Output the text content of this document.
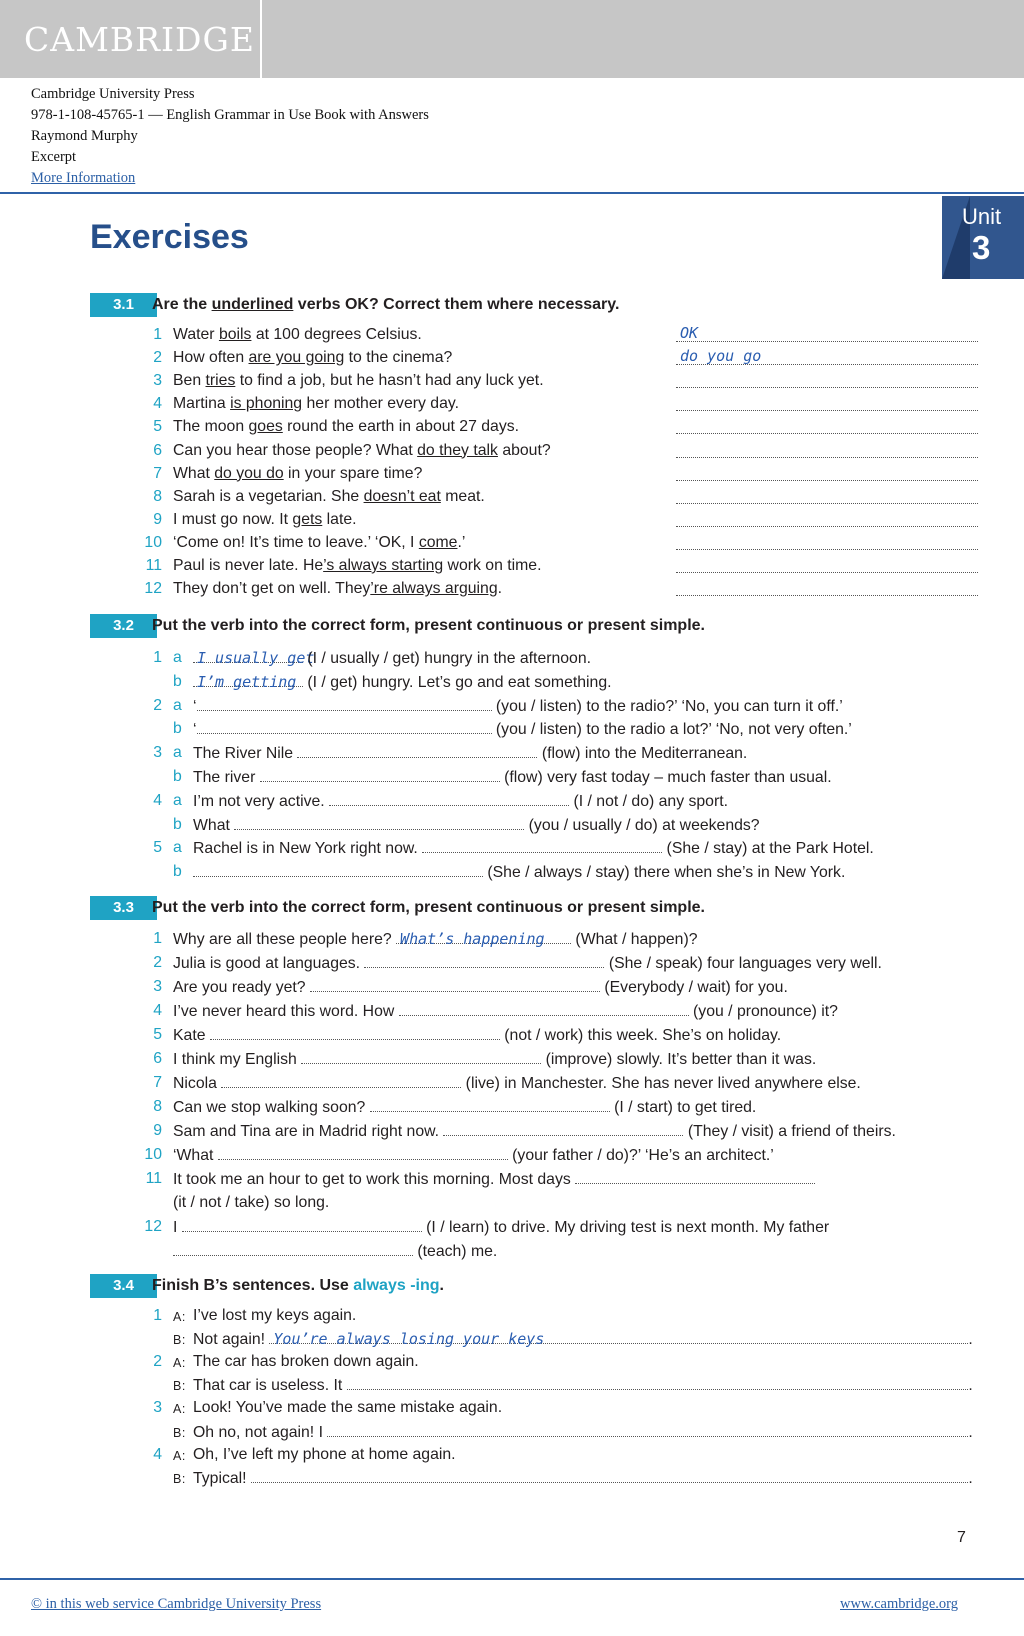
CAMBRIDGE
Cambridge University Press
978-1-108-45765-1 — English Grammar in Use Book with Answers
Raymond Murphy
Excerpt
More Information
Unit
3
Exercises
3.1	Are the underlined verbs OK? Correct them where necessary.
1 Water boils at 100 degrees Celsius.	OK
2 How often are you going to the cinema?	do you go
3 Ben tries to find a job, but he hasn’t had any luck yet.
4 Martina is phoning her mother every day.
5 The moon goes round the earth in about 27 days.
6 Can you hear those people? What do they talk about?
7 What do you do in your spare time?
8 Sarah is a vegetarian. She doesn’t eat meat.
9 I must go now. It gets late.
10 ‘Come on! It’s time to leave.’ ‘OK, I come.’
11 Paul is never late. He’s always starting work on time.
12 They don’t get on well. They’re always arguing.
3.2	Put the verb into the correct form, present continuous or present simple.
1 a I usually get (I / usually / get) hungry in the afternoon.
b I’m getting (I / get) hungry. Let’s go and eat something.
2 a ‘	(you / listen) to the radio?’ ‘No, you can turn it off.’
b ‘	(you / listen) to the radio a lot?’ ‘No, not very often.’
3 a The River Nile	(flow) into the Mediterranean.
b The river	(flow) very fast today – much faster than usual.
4 a I’m not very active.	(I / not / do) any sport.
b What	(you / usually / do) at weekends?
5 a Rachel is in New York right now.	(She / stay) at the Park Hotel.
b	(She / always / stay) there when she’s in New York.
3.3	Put the verb into the correct form, present continuous or present simple.
1 Why are all these people here? What’s happening (What / happen)?
2 Julia is good at languages.	(She / speak) four languages very well.
3 Are you ready yet?	(Everybody / wait) for you.
4 I’ve never heard this word. How	(you / pronounce) it?
5 Kate	(not / work) this week. She’s on holiday.
6 I think my English	(improve) slowly. It’s better than it was.
7 Nicola	(live) in Manchester. She has never lived anywhere else.
8 Can we stop walking soon?	(I / start) to get tired.
9 Sam and Tina are in Madrid right now.	(They / visit) a friend of theirs.
10 ‘What	(your father / do)?’ ‘He’s an architect.’
11 It took me an hour to get to work this morning. Most days
(it / not / take) so long.
12 I	(I / learn) to drive. My driving test is next month. My father
(teach) me.
3.4	Finish B’s sentences. Use always -ing.
1 A: I’ve lost my keys again.
B: Not again! You’re always losing your keys	.
2 A: The car has broken down again.
B: That car is useless. It	.
3 A: Look! You’ve made the same mistake again.
B: Oh no, not again! I	.
4 A: Oh, I’ve left my phone at home again.
B: Typical!	.
7
© in this web service Cambridge University Press	www.cambridge.org
